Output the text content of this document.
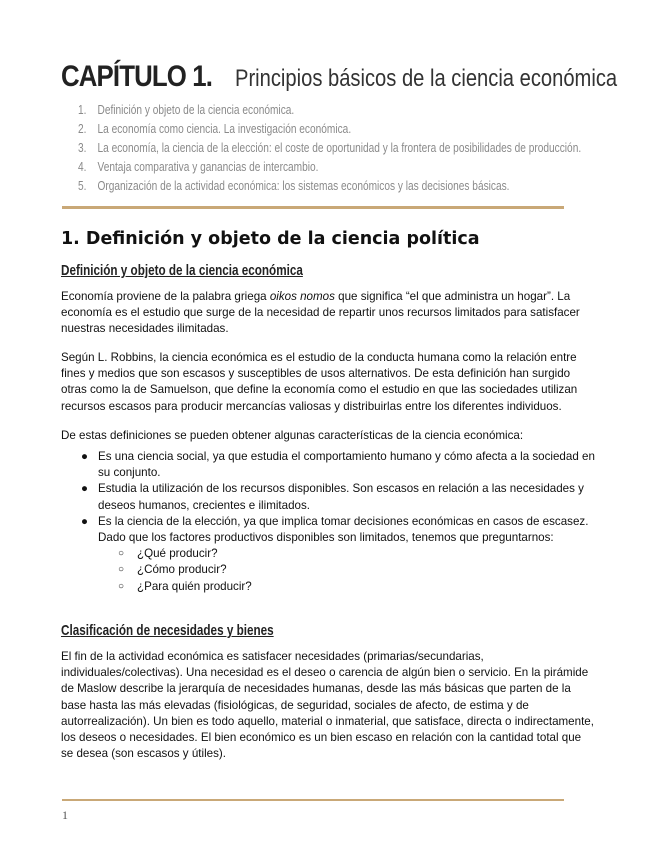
CAPÍTULO 1. Principios básicos de la ciencia económica
1. Definición y objeto de la ciencia económica.
2. La economía como ciencia. La investigación económica.
3. La economía, la ciencia de la elección: el coste de oportunidad y la frontera de posibilidades de producción.
4. Ventaja comparativa y ganancias de intercambio.
5. Organización de la actividad económica: los sistemas económicos y las decisiones básicas.
1. Definición y objeto de la ciencia política
Definición y objeto de la ciencia económica

Economía proviene de la palabra griega oikos nomos que significa “el que administra un hogar”. La economía es el estudio que surge de la necesidad de repartir unos recursos limitados para satisfacer nuestras necesidades ilimitadas.

Según L. Robbins, la ciencia económica es el estudio de la conducta humana como la relación entre fines y medios que son escasos y susceptibles de usos alternativos. De esta definición han surgido otras como la de Samuelson, que define la economía como el estudio en que las sociedades utilizan recursos escasos para producir mercancías valiosas y distribuirlas entre los diferentes individuos.

De estas definiciones se pueden obtener algunas características de la ciencia económica:

● Es una ciencia social, ya que estudia el comportamiento humano y cómo afecta a la sociedad en su conjunto.
● Estudia la utilización de los recursos disponibles. Son escasos en relación a las necesidades y deseos humanos, crecientes e ilimitados.
● Es la ciencia de la elección, ya que implica tomar decisiones económicas en casos de escasez. Dado que los factores productivos disponibles son limitados, tenemos que preguntarnos:
○ ¿Qué producir?
○ ¿Cómo producir?
○ ¿Para quién producir?
Clasificación de necesidades y bienes

El fin de la actividad económica es satisfacer necesidades (primarias/secundarias, individuales/colectivas). Una necesidad es el deseo o carencia de algún bien o servicio. En la pirámide de Maslow describe la jerarquía de necesidades humanas, desde las más básicas que parten de la base hasta las más elevadas (fisiológicas, de seguridad, sociales de afecto, de estima y de autorrealización). Un bien es todo aquello, material o inmaterial, que satisface, directa o indirectamente, los deseos o necesidades. El bien económico es un bien escaso en relación con la cantidad total que se desea (son escasos y útiles).

1
